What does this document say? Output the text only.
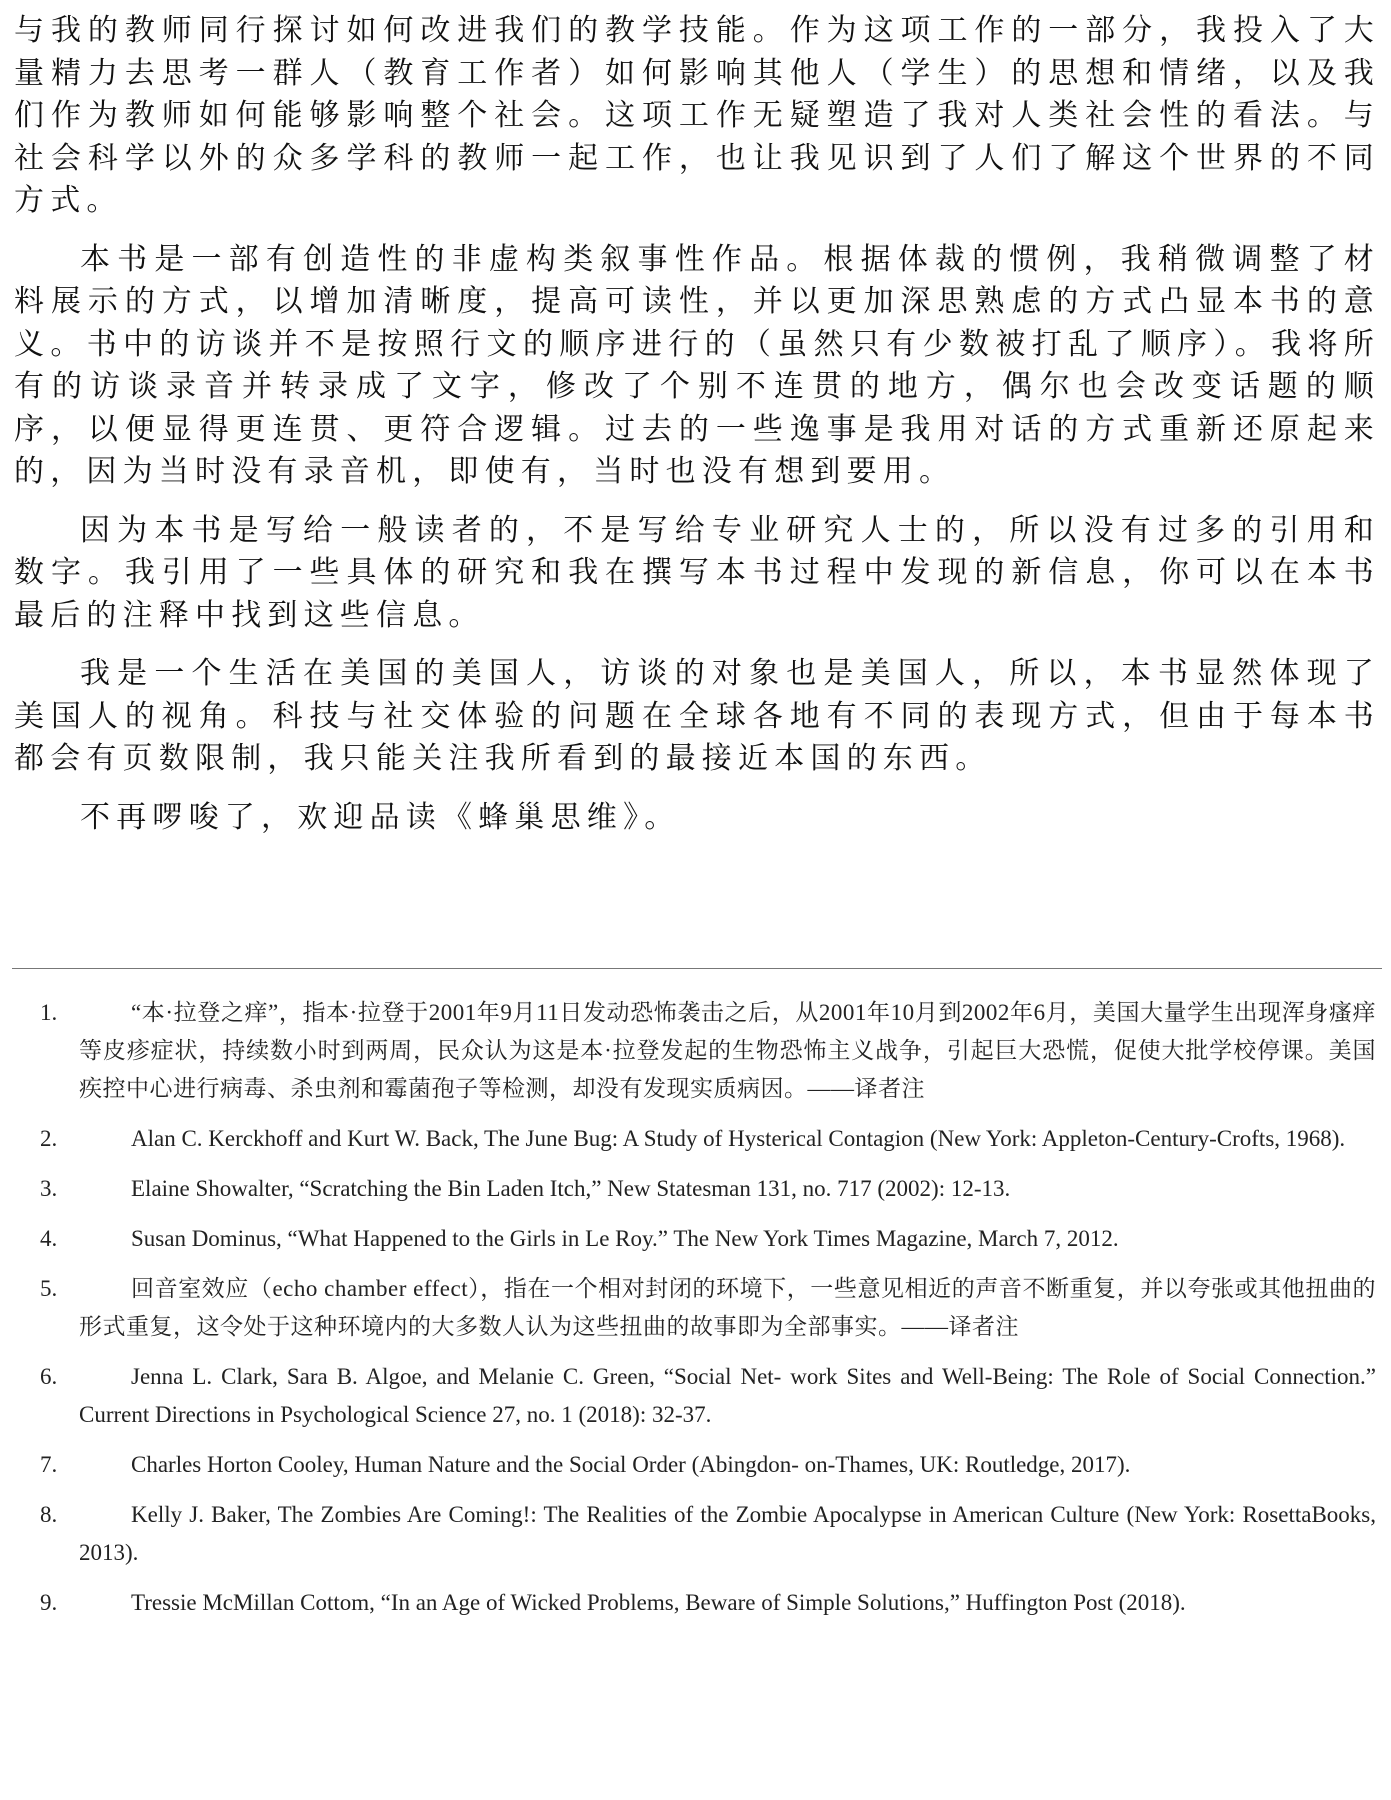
与我的教师同行探讨如何改进我们的教学技能。作为这项工作的一部分，我投入了大量精力去思考一群人（教育工作者）如何影响其他人（学生）的思想和情绪，以及我们作为教师如何能够影响整个社会。这项工作无疑塑造了我对人类社会性的看法。与社会科学以外的众多学科的教师一起工作，也让我见识到了人们了解这个世界的不同方式。

本书是一部有创造性的非虚构类叙事性作品。根据体裁的惯例，我稍微调整了材料展示的方式，以增加清晰度，提高可读性，并以更加深思熟虑的方式凸显本书的意义。书中的访谈并不是按照行文的顺序进行的（虽然只有少数被打乱了顺序）。我将所有的访谈录音并转录成了文字，修改了个别不连贯的地方，偶尔也会改变话题的顺序，以便显得更连贯、更符合逻辑。过去的一些逸事是我用对话的方式重新还原起来的，因为当时没有录音机，即使有，当时也没有想到要用。

因为本书是写给一般读者的，不是写给专业研究人士的，所以没有过多的引用和数字。我引用了一些具体的研究和我在撰写本书过程中发现的新信息，你可以在本书最后的注释中找到这些信息。

我是一个生活在美国的美国人，访谈的对象也是美国人，所以，本书显然体现了美国人的视角。科技与社交体验的问题在全球各地有不同的表现方式，但由于每本书都会有页数限制，我只能关注我所看到的最接近本国的东西。

不再啰唆了，欢迎品读《蜂巢思维》。

1.	“本·拉登之痒”，指本·拉登于2001年9月11日发动恐怖袭击之后，从2001年10月到2002年6月，美国大量学生出现浑身瘙痒等皮疹症状，持续数小时到两周，民众认为这是本·拉登发起的生物恐怖主义战争，引起巨大恐慌，促使大批学校停课。美国疾控中心进行病毒、杀虫剂和霉菌孢子等检测，却没有发现实质病因。——译者注
2.	Alan C. Kerckhoff and Kurt W. Back, The June Bug: A Study of Hysterical Contagion (New York: Appleton-Century-Crofts, 1968).
3.	Elaine Showalter, “Scratching the Bin Laden Itch,” New Statesman 131, no. 717 (2002): 12-13.
4.	Susan Dominus, “What Happened to the Girls in Le Roy.” The New York Times Magazine, March 7, 2012.
5.	回音室效应（echo chamber effect），指在一个相对封闭的环境下，一些意见相近的声音不断重复，并以夸张或其他扭曲的形式重复，这令处于这种环境内的大多数人认为这些扭曲的故事即为全部事实。——译者注
6.	Jenna L. Clark, Sara B. Algoe, and Melanie C. Green, “Social Net- work Sites and Well-Being: The Role of Social Connection.” Current Directions in Psychological Science 27, no. 1 (2018): 32-37.
7.	Charles Horton Cooley, Human Nature and the Social Order (Abingdon- on-Thames, UK: Routledge, 2017).
8.	Kelly J. Baker, The Zombies Are Coming!: The Realities of the Zombie Apocalypse in American Culture (New York: RosettaBooks, 2013).
9.	Tressie McMillan Cottom, “In an Age of Wicked Problems, Beware of Simple Solutions,” Huffington Post (2018).
